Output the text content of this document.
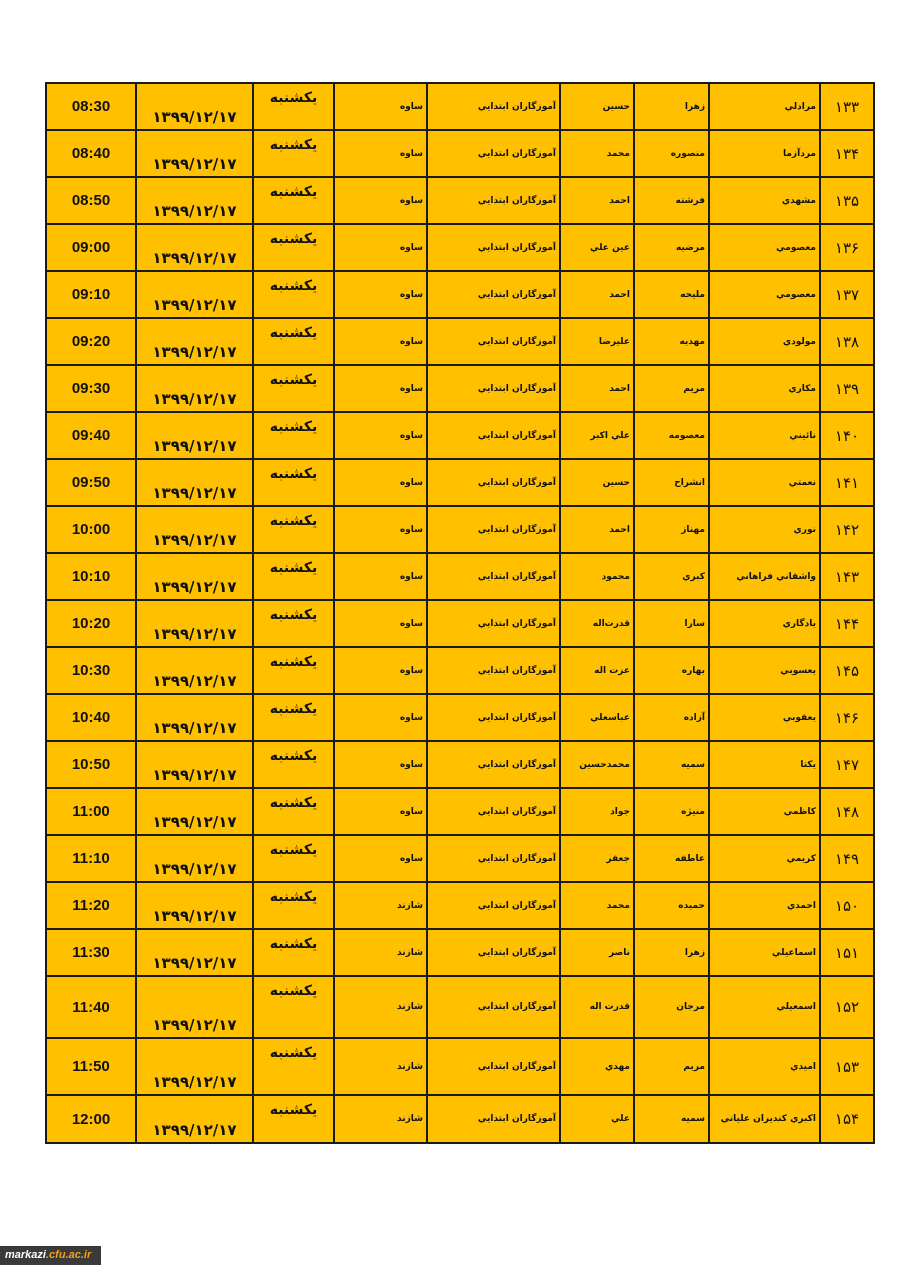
۱۳۳	مرادلي	زهرا	حسين	آموزگاران ابتدايي	ساوه	يكشنبه	۱۳۹۹/۱۲/۱۷	08:30
۱۳۴	مردآزما	منصوره	محمد	آموزگاران ابتدايي	ساوه	يكشنبه	۱۳۹۹/۱۲/۱۷	08:40
۱۳۵	مشهدي	فرشته	احمد	آموزگاران ابتدايي	ساوه	يكشنبه	۱۳۹۹/۱۲/۱۷	08:50
۱۳۶	معصومي	مرضيه	عين علي	آموزگاران ابتدايي	ساوه	يكشنبه	۱۳۹۹/۱۲/۱۷	09:00
۱۳۷	معصومي	مليحه	احمد	آموزگاران ابتدايي	ساوه	يكشنبه	۱۳۹۹/۱۲/۱۷	09:10
۱۳۸	مولودي	مهديه	عليرضا	آموزگاران ابتدايي	ساوه	يكشنبه	۱۳۹۹/۱۲/۱۷	09:20
۱۳۹	مكاري	مريم	احمد	آموزگاران ابتدايي	ساوه	يكشنبه	۱۳۹۹/۱۲/۱۷	09:30
۱۴۰	نائيني	معصومه	علي اكبر	آموزگاران ابتدايي	ساوه	يكشنبه	۱۳۹۹/۱۲/۱۷	09:40
۱۴۱	نعمتي	انشراح	حسين	آموزگاران ابتدايي	ساوه	يكشنبه	۱۳۹۹/۱۲/۱۷	09:50
۱۴۲	نوري	مهناز	احمد	آموزگاران ابتدايي	ساوه	يكشنبه	۱۳۹۹/۱۲/۱۷	10:00
۱۴۳	واشقاني فراهاني	كبري	محمود	آموزگاران ابتدايي	ساوه	يكشنبه	۱۳۹۹/۱۲/۱۷	10:10
۱۴۴	يادگاري	سارا	قدرت‌اله	آموزگاران ابتدايي	ساوه	يكشنبه	۱۳۹۹/۱۲/۱۷	10:20
۱۴۵	يعسوبي	بهاره	عزت اله	آموزگاران ابتدايي	ساوه	يكشنبه	۱۳۹۹/۱۲/۱۷	10:30
۱۴۶	يعقوبي	آزاده	عباسعلي	آموزگاران ابتدايي	ساوه	يكشنبه	۱۳۹۹/۱۲/۱۷	10:40
۱۴۷	يكتا	سميه	محمدحسين	آموزگاران ابتدايي	ساوه	يكشنبه	۱۳۹۹/۱۲/۱۷	10:50
۱۴۸	كاظمي	منيژه	جواد	آموزگاران ابتدايي	ساوه	يكشنبه	۱۳۹۹/۱۲/۱۷	11:00
۱۴۹	كريمي	عاطفه	جعفر	آموزگاران ابتدايي	ساوه	يكشنبه	۱۳۹۹/۱۲/۱۷	11:10
۱۵۰	احمدي	حميده	محمد	آموزگاران ابتدايي	شازند	يكشنبه	۱۳۹۹/۱۲/۱۷	11:20
۱۵۱	اسماعيلي	زهرا	ناصر	آموزگاران ابتدايي	شازند	يكشنبه	۱۳۹۹/۱۲/۱۷	11:30
۱۵۲	اسمعيلي	مرجان	قدرت اله	آموزگاران ابتدايي	شازند	يكشنبه	۱۳۹۹/۱۲/۱۷	11:40
۱۵۳	اميدي	مريم	مهدي	آموزگاران ابتدايي	شازند	يكشنبه	۱۳۹۹/۱۲/۱۷	11:50
۱۵۴	اكبري كنديران علياني	سميه	علي	آموزگاران ابتدايي	شازند	يكشنبه	۱۳۹۹/۱۲/۱۷	12:00
markazi.cfu.ac.ir
